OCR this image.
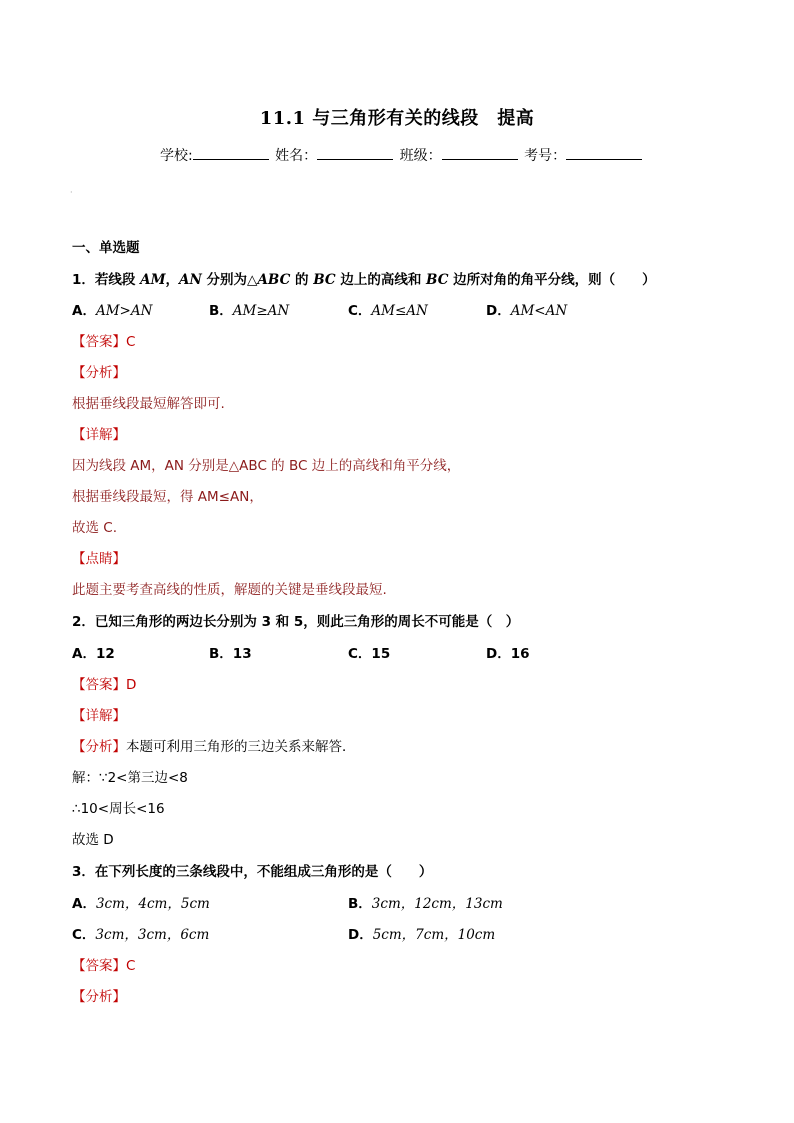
11.1 与三角形有关的线段　提高
学校:	姓名：	班级：	考号：
·
一、单选题
1．若线段 AM，AN 分别为△ABC 的 BC 边上的高线和 BC 边所对角的角平分线，则（　　）
A．AM>AN	B．AM≥AN	C．AM≤AN	D．AM<AN
【答案】C
【分析】
根据垂线段最短解答即可.
【详解】
因为线段 AM，AN 分别是△ABC 的 BC 边上的高线和角平分线，
根据垂线段最短，得 AM≤AN，
故选 C.
【点睛】
此题主要考查高线的性质，解题的关键是垂线段最短.
2．已知三角形的两边长分别为 3 和 5，则此三角形的周长不可能是（　）
A．12	B．13	C．15	D．16
【答案】D
【详解】
【分析】本题可利用三角形的三边关系来解答．
解：∵2<第三边<8
∴10<周长<16
故选 D
3．在下列长度的三条线段中，不能组成三角形的是（　　）
A．3cm，4cm，5cm	B．3cm，12cm，13cm
C．3cm，3cm，6cm	D．5cm，7cm，10cm
【答案】C
【分析】
